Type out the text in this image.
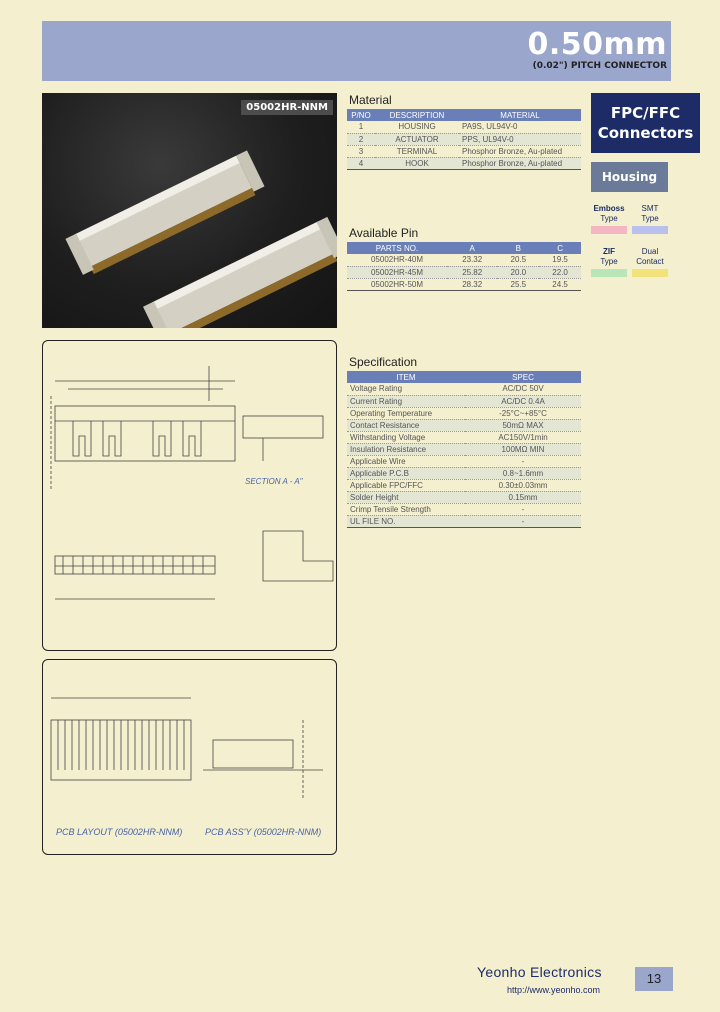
0.50mm
(0.02") PITCH CONNECTOR
05002HR-NNM
Material
P/NO	DESCRIPTION	MATERIAL
1	HOUSING	PA9S, UL94V-0
2	ACTUATOR	PPS, UL94V-0
3	TERMINAL	Phosphor Bronze, Au-plated
4	HOOK	Phosphor Bronze, Au-plated
Available Pin
PARTS NO.	A	B	C
05002HR-40M	23.32	20.5	19.5
05002HR-45M	25.82	20.0	22.0
05002HR-50M	28.32	25.5	24.5
Specification
ITEM	SPEC
Voltage Rating	AC/DC 50V
Current Rating	AC/DC 0.4A
Operating Temperature	-25°C~+85°C
Contact Resistance	50mΩ MAX
Withstanding Voltage	AC150V/1min
Insulation Resistance	100MΩ MIN
Applicable Wire	-
Applicable P.C.B	0.8~1.6mm
Applicable FPC/FFC	0.30±0.03mm
Solder Height	0.15mm
Crimp Tensile Strength	-
UL FILE NO.	-
FPC/FFC
Connectors
Housing
Emboss
Type
SMT
Type
ZIF
Type
Dual
Contact
SECTION A - A"
PCB LAYOUT (05002HR-NNM)	PCB ASS'Y (05002HR-NNM)
Yeonho Electronics
http://www.yeonho.com
13
